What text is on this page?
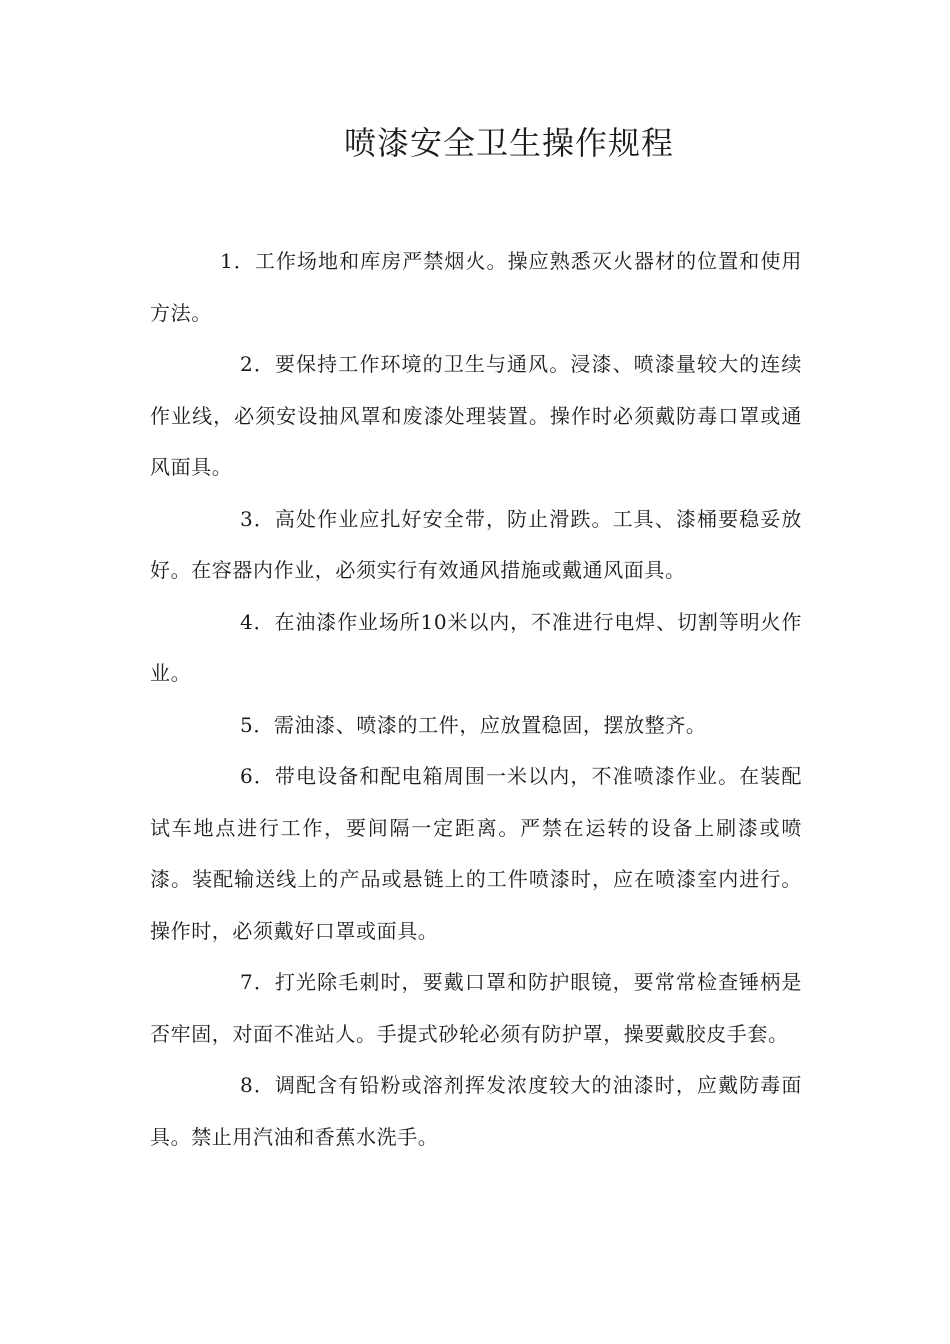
喷漆安全卫生操作规程

1．工作场地和库房严禁烟火。操应熟悉灭火器材的位置和使用方法。

2．要保持工作环境的卫生与通风。浸漆、喷漆量较大的连续作业线，必须安设抽风罩和废漆处理装置。操作时必须戴防毒口罩或通风面具。

3．高处作业应扎好安全带，防止滑跌。工具、漆桶要稳妥放好。在容器内作业，必须实行有效通风措施或戴通风面具。

4．在油漆作业场所10米以内，不准进行电焊、切割等明火作业。

5．需油漆、喷漆的工件，应放置稳固，摆放整齐。

6．带电设备和配电箱周围一米以内，不准喷漆作业。在装配试车地点进行工作，要间隔一定距离。严禁在运转的设备上刷漆或喷漆。装配输送线上的产品或悬链上的工件喷漆时，应在喷漆室内进行。操作时，必须戴好口罩或面具。

7．打光除毛刺时，要戴口罩和防护眼镜，要常常检查锤柄是否牢固，对面不准站人。手提式砂轮必须有防护罩，操要戴胶皮手套。

8．调配含有铅粉或溶剂挥发浓度较大的油漆时，应戴防毒面具。禁止用汽油和香蕉水洗手。
